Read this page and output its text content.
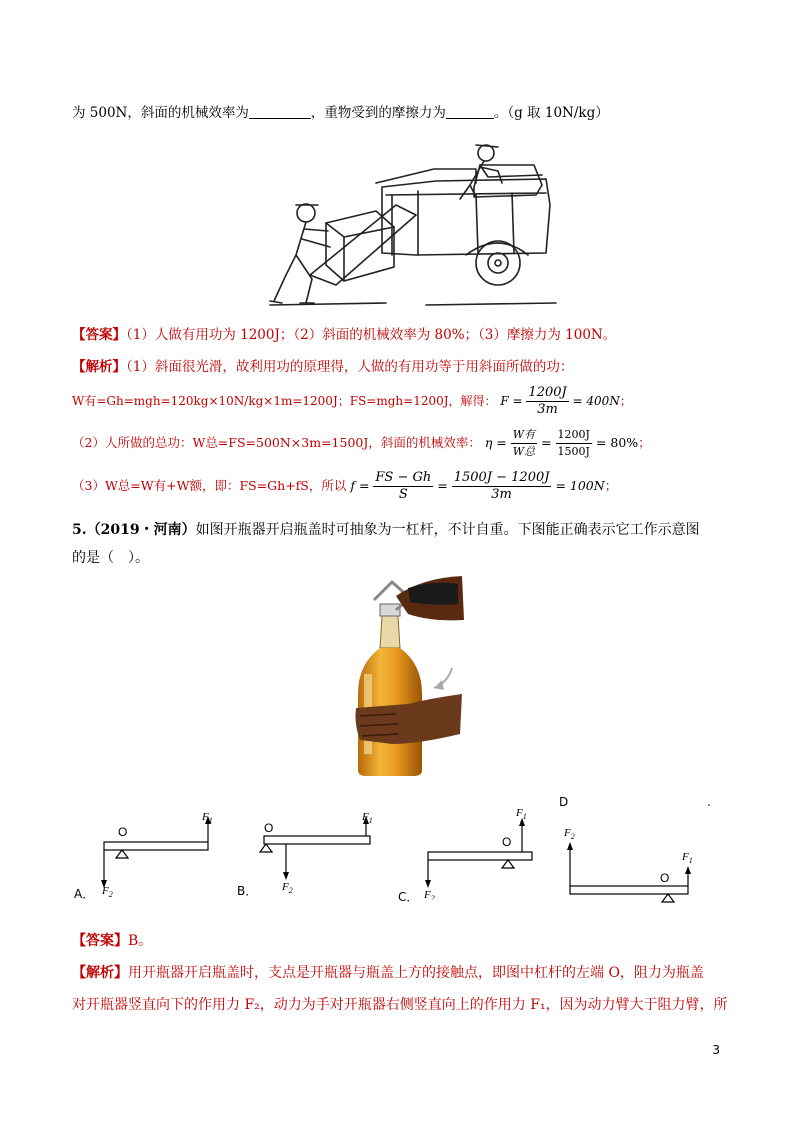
为 500N，斜面的机械效率为	，重物受到的摩擦力为	。（g 取 10N/kg）
【答案】（1）人做有用功为 1200J；（2）斜面的机械效率为 80%；（3）摩擦力为 100N。
【解析】（1）斜面很光滑，故利用功的原理得，人做的有用功等于用斜面所做的功：
W有=Gh=mgh=120kg×10N/kg×1m=1200J；FS=mgh=1200J，解得： $F = \frac{1200J}{3m} = 400N$；
（2）人所做的总功：W总=FS=500N×3m=1500J，斜面的机械效率： $\eta = \frac{\text{W有}}{\text{W总}} = \frac{1200J}{1500J} = 80\%$；
（3）W总=W有+W额，即：FS=Gh+fS，所以 $f = \frac{FS - Gh}{S} = \frac{1500J - 1200J}{3m} = 100N$；
5.（2019・河南）如图开瓶器开启瓶盖时可抽象为一杠杆，不计自重。下图能正确表示它工作示意图
的是（　）。
O
$F_1$
$F_2$
A．
O
$F_1$
$F_2$
B．
O
$F_1$
$F_2$
C．
D	.
O
$F_2$
$F_1$
【答案】B。
【解析】用开瓶器开启瓶盖时，支点是开瓶器与瓶盖上方的接触点，即图中杠杆的左端 O，阻力为瓶盖
对开瓶器竖直向下的作用力 F₂，动力为手对开瓶器右侧竖直向上的作用力 F₁，因为动力臂大于阻力臂，所
3
